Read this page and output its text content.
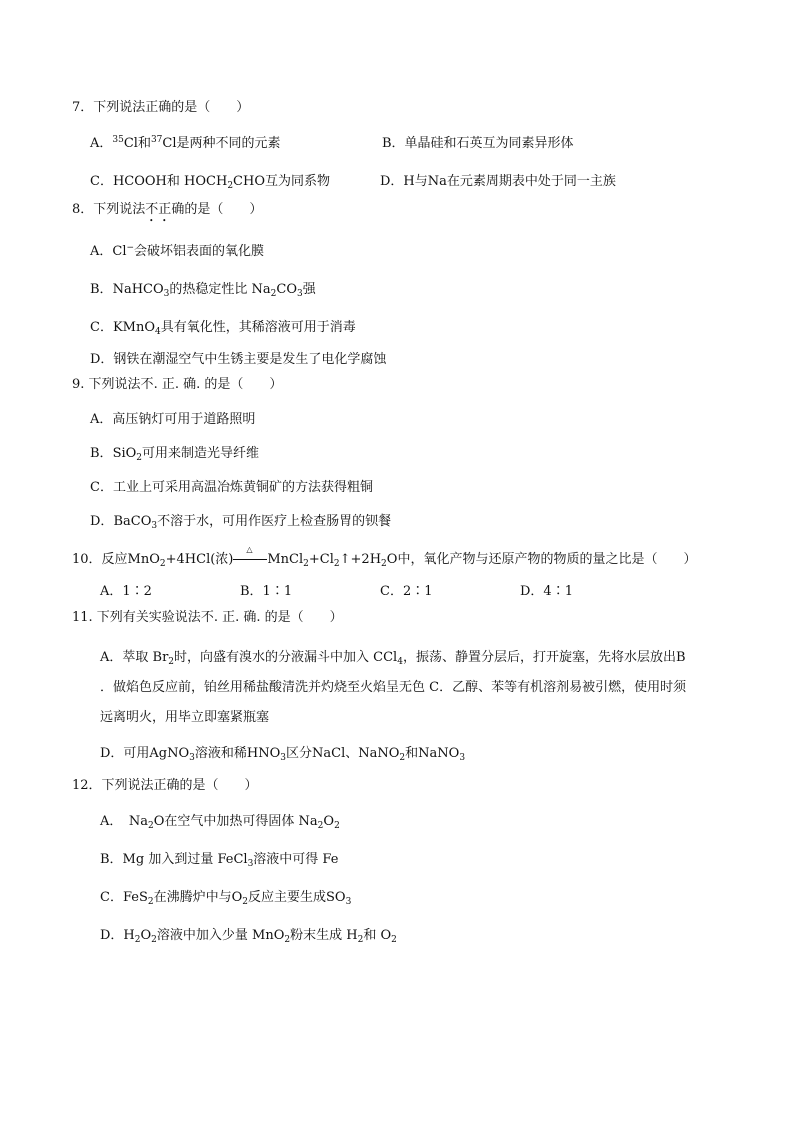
7．下列说法正确的是（　　）
A．$^{35}$Cl和$^{37}$Cl是两种不同的元素	B．单晶硅和石英互为同素异形体
C．HCOOH和 $HOCH_2CHO$互为同系物	D．H与Na在元素周期表中处于同一主族
8．下列说法不正确的是（　　）
A．Cl−会破坏铝表面的氧化膜
B．NaHCO$_3$的热稳定性比 $Na_2CO_3$强
C．KMnO$_4$具有氧化性，其稀溶液可用于消毒
D．钢铁在潮湿空气中生锈主要是发生了电化学腐蚀
9. 下列说法不. 正. 确. 的是（　　）
A．高压钠灯可用于道路照明
B．SiO$_2$可用来制造光导纤维
C．工业上可采用高温冶炼黄铜矿的方法获得粗铜
D．BaCO$_3$不溶于水，可用作医疗上检查肠胃的钡餐
10．反应MnO$_2$+4HCl(浓)
△
$MnCl_2+Cl_2↑+2H_2O$中，氧化产物与还原产物的物质的量之比是（　　）
A．1∶2	B．1∶1	C．2∶1	D．4∶1
11. 下列有关实验说法不. 正. 确. 的是（　　）
A．萃取 $Br_2$时，向盛有溴水的分液漏斗中加入 CCl$_4$，振荡、静置分层后，打开旋塞，先将水层放出B
．做焰色反应前，铂丝用稀盐酸清洗并灼烧至火焰呈无色 C．乙醇、苯等有机溶剂易被引燃，使用时须
远离明火，用毕立即塞紧瓶塞
D．可用AgNO$_3$溶液和稀$HNO_3$区分NaCl、NaNO$_2$和NaNO$_3$
12．下列说法正确的是（　　）
A．　$Na_2O$在空气中加热可得固体 $Na_2O_2$
B．Mg 加入到过量 FeCl$_3$溶液中可得 Fe
C．FeS$_2$在沸腾炉中与$O_2$反应主要生成$SO_3$
D．$H_2O_2$溶液中加入少量 MnO$_2$粉末生成 $H_2$和 $O_2$
